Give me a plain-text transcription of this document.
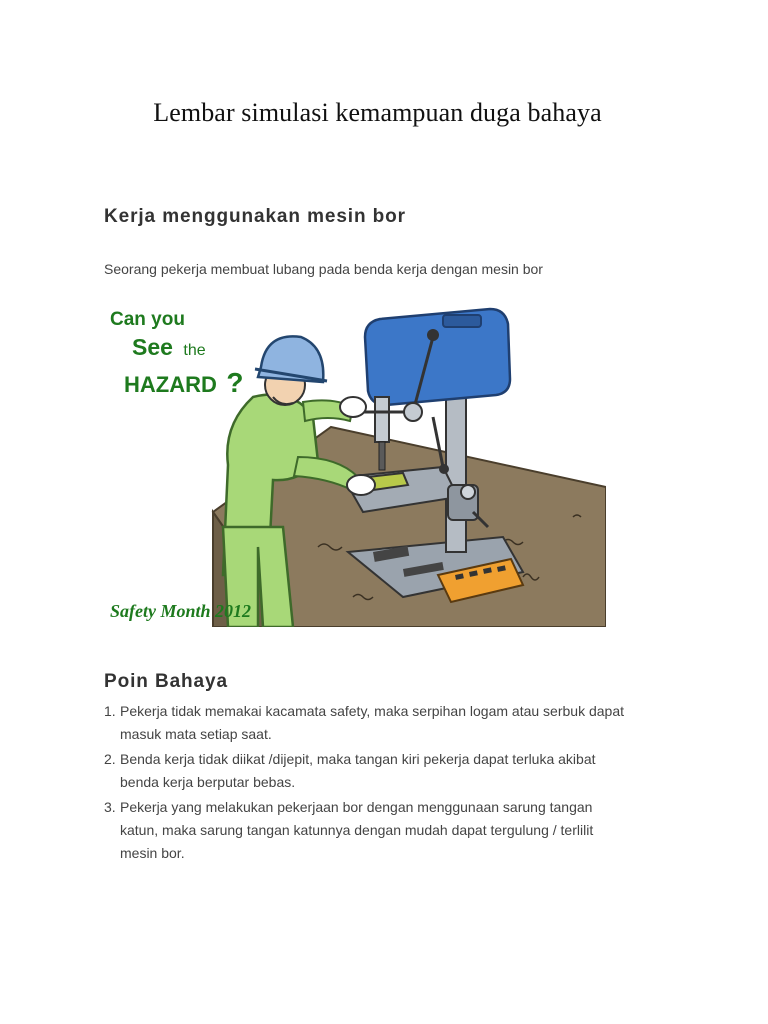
Lembar simulasi kemampuan duga bahaya
Kerja menggunakan mesin bor

Seorang pekerja membuat lubang pada benda kerja dengan mesin bor

Can you
See the
HAZARD ?
Safety Month 2012
Poin Bahaya
1. Pekerja tidak memakai kacamata safety, maka serpihan logam atau serbuk dapat
masuk mata setiap saat.
2. Benda kerja tidak diikat /dijepit, maka tangan kiri pekerja dapat terluka akibat
benda kerja berputar bebas.
3. Pekerja yang melakukan pekerjaan bor dengan menggunaan sarung tangan
katun, maka sarung tangan katunnya dengan mudah dapat tergulung / terlilit
mesin bor.
